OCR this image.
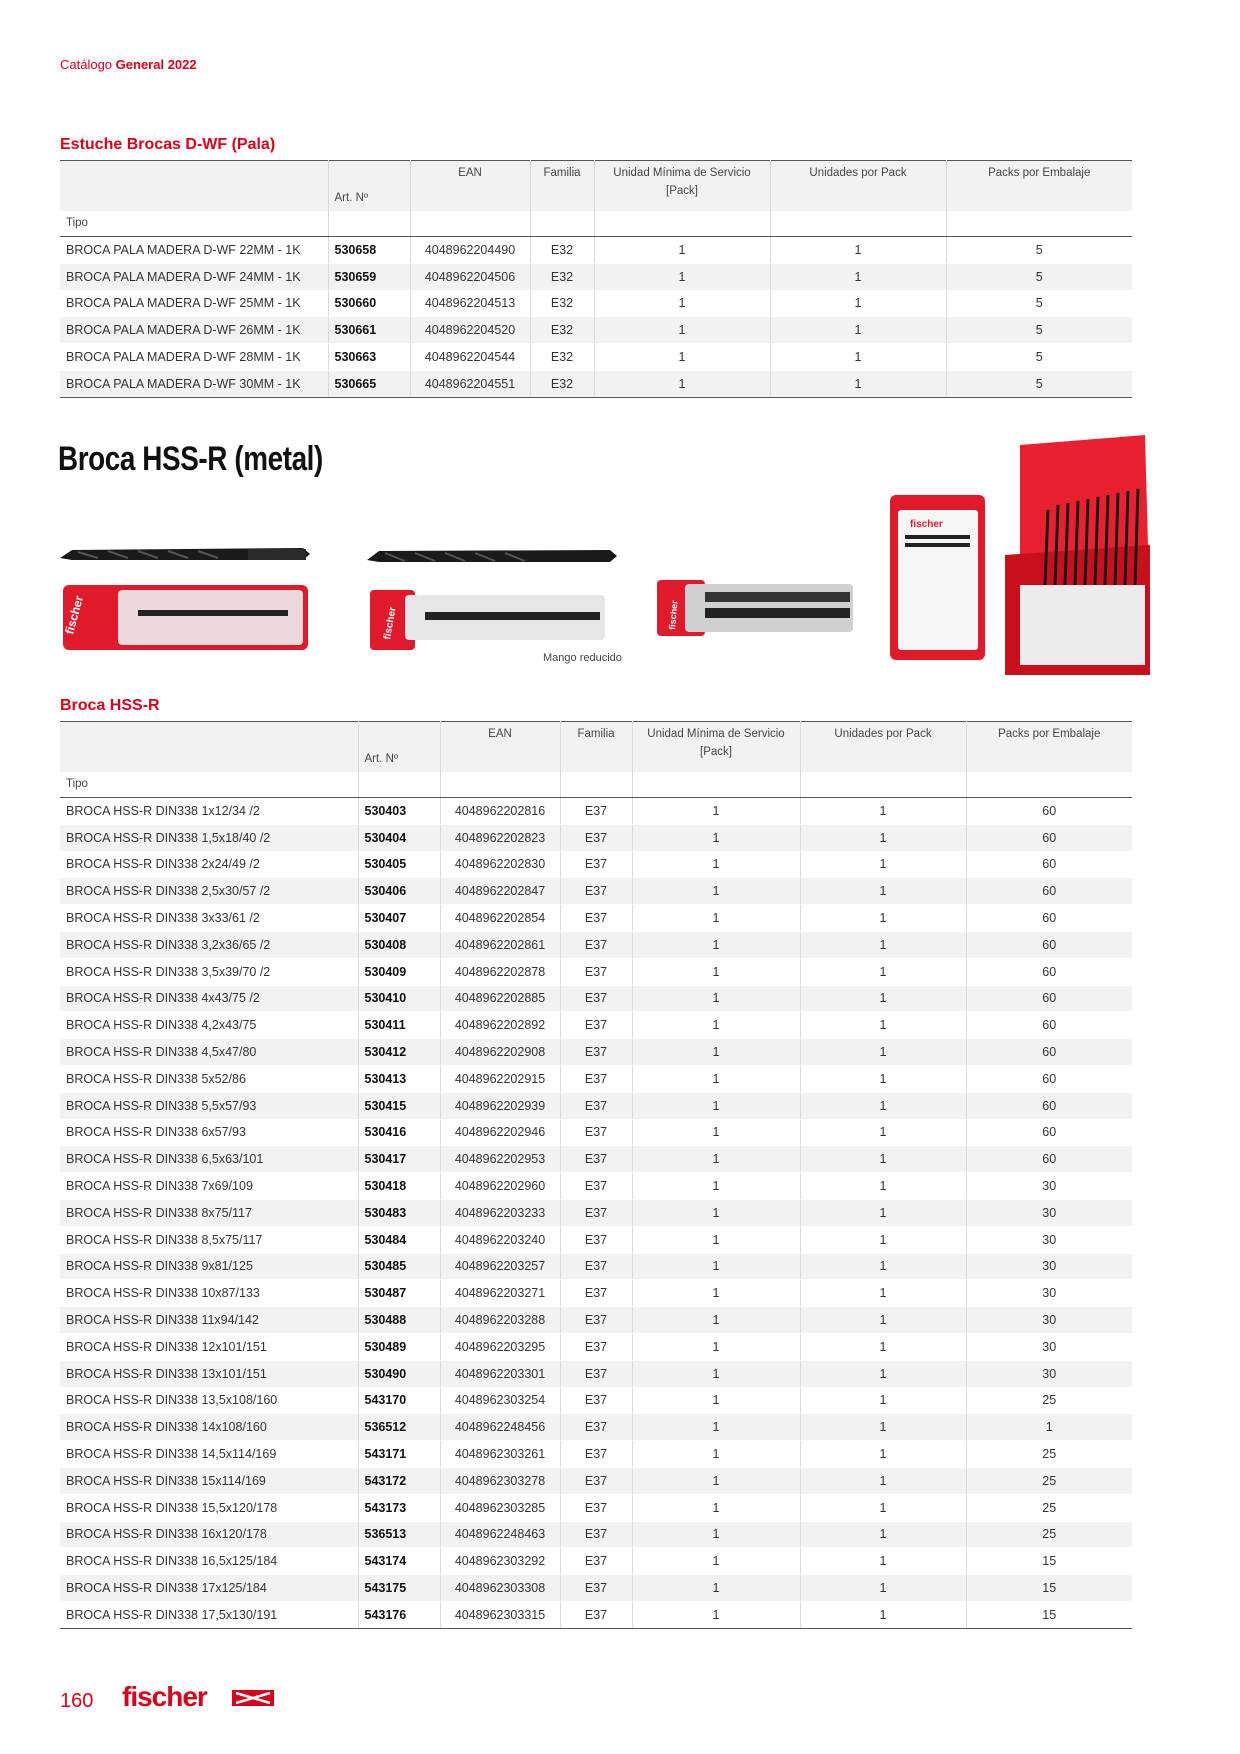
Catálogo General 2022
Estuche Brocas D-WF (Pala)
		EAN	Familia	Unidad Mínima de Servicio	Unidades por Pack	Packs por Embalaje
	Art. Nº			[Pack]		
Tipo						
BROCA PALA MADERA D-WF 22MM - 1K	530658	4048962204490	E32	1	1	5
BROCA PALA MADERA D-WF 24MM - 1K	530659	4048962204506	E32	1	1	5
BROCA PALA MADERA D-WF 25MM - 1K	530660	4048962204513	E32	1	1	5
BROCA PALA MADERA D-WF 26MM - 1K	530661	4048962204520	E32	1	1	5
BROCA PALA MADERA D-WF 28MM - 1K	530663	4048962204544	E32	1	1	5
BROCA PALA MADERA D-WF 30MM - 1K	530665	4048962204551	E32	1	1	5
Broca HSS-R (metal)
fischer	fischer
Mango reducido
fischer
fischer
Broca HSS-R
		EAN	Familia	Unidad Mínima de Servicio	Unidades por Pack	Packs por Embalaje
	Art. Nº			[Pack]		
Tipo						
BROCA HSS-R DIN338 1x12/34 /2	530403	4048962202816	E37	1	1	60
BROCA HSS-R DIN338 1,5x18/40 /2	530404	4048962202823	E37	1	1	60
BROCA HSS-R DIN338 2x24/49 /2	530405	4048962202830	E37	1	1	60
BROCA HSS-R DIN338 2,5x30/57 /2	530406	4048962202847	E37	1	1	60
BROCA HSS-R DIN338 3x33/61 /2	530407	4048962202854	E37	1	1	60
BROCA HSS-R DIN338 3,2x36/65 /2	530408	4048962202861	E37	1	1	60
BROCA HSS-R DIN338 3,5x39/70 /2	530409	4048962202878	E37	1	1	60
BROCA HSS-R DIN338 4x43/75 /2	530410	4048962202885	E37	1	1	60
BROCA HSS-R DIN338 4,2x43/75	530411	4048962202892	E37	1	1	60
BROCA HSS-R DIN338 4,5x47/80	530412	4048962202908	E37	1	1	60
BROCA HSS-R DIN338 5x52/86	530413	4048962202915	E37	1	1	60
BROCA HSS-R DIN338 5,5x57/93	530415	4048962202939	E37	1	1	60
BROCA HSS-R DIN338 6x57/93	530416	4048962202946	E37	1	1	60
BROCA HSS-R DIN338 6,5x63/101	530417	4048962202953	E37	1	1	60
BROCA HSS-R DIN338 7x69/109	530418	4048962202960	E37	1	1	30
BROCA HSS-R DIN338 8x75/117	530483	4048962203233	E37	1	1	30
BROCA HSS-R DIN338 8,5x75/117	530484	4048962203240	E37	1	1	30
BROCA HSS-R DIN338 9x81/125	530485	4048962203257	E37	1	1	30
BROCA HSS-R DIN338 10x87/133	530487	4048962203271	E37	1	1	30
BROCA HSS-R DIN338 11x94/142	530488	4048962203288	E37	1	1	30
BROCA HSS-R DIN338 12x101/151	530489	4048962203295	E37	1	1	30
BROCA HSS-R DIN338 13x101/151	530490	4048962203301	E37	1	1	30
BROCA HSS-R DIN338 13,5x108/160	543170	4048962303254	E37	1	1	25
BROCA HSS-R DIN338 14x108/160	536512	4048962248456	E37	1	1	1
BROCA HSS-R DIN338 14,5x114/169	543171	4048962303261	E37	1	1	25
BROCA HSS-R DIN338 15x114/169	543172	4048962303278	E37	1	1	25
BROCA HSS-R DIN338 15,5x120/178	543173	4048962303285	E37	1	1	25
BROCA HSS-R DIN338 16x120/178	536513	4048962248463	E37	1	1	25
BROCA HSS-R DIN338 16,5x125/184	543174	4048962303292	E37	1	1	15
BROCA HSS-R DIN338 17x125/184	543175	4048962303308	E37	1	1	15
BROCA HSS-R DIN338 17,5x130/191	543176	4048962303315	E37	1	1	15
160 fischer
